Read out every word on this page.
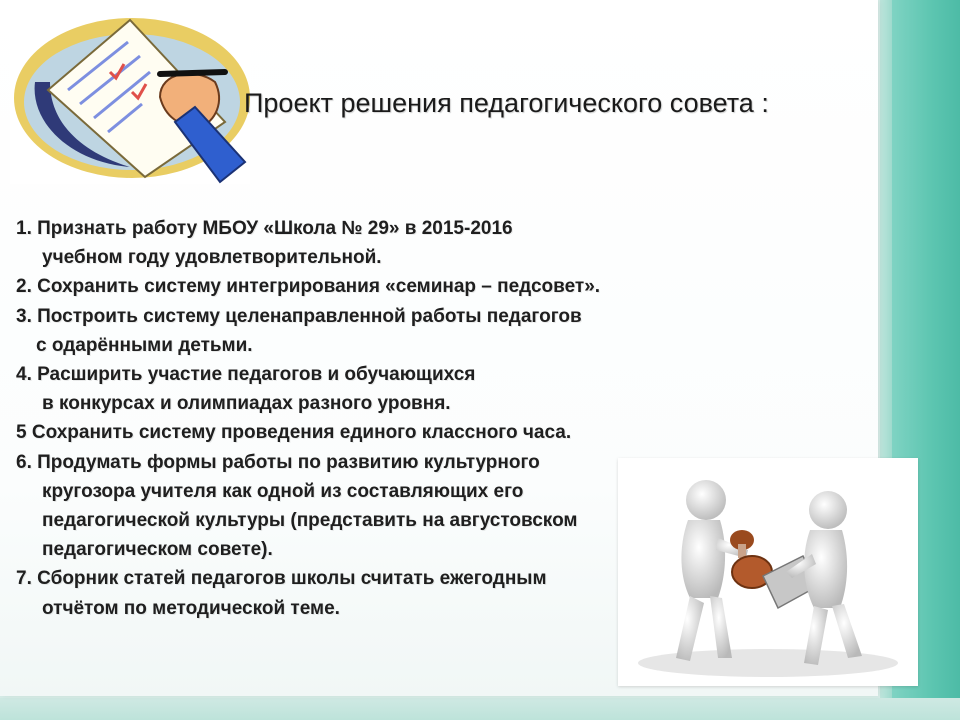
Проект решения педагогического совета :
1. Признать работу МБОУ «Школа № 29» в 2015-2016
учебном году удовлетворительной.
2. Сохранить систему интегрирования «семинар – педсовет».
3. Построить систему целенаправленной работы педагогов
с одарёнными детьми.
4. Расширить участие педагогов и обучающихся
в конкурсах и олимпиадах разного уровня.
5 Сохранить систему проведения единого классного часа.
6. Продумать формы работы по развитию культурного
кругозора учителя как одной из составляющих его
педагогической культуры (представить на августовском
педагогическом совете).
7. Сборник статей педагогов школы считать ежегодным
отчётом по методической теме.
